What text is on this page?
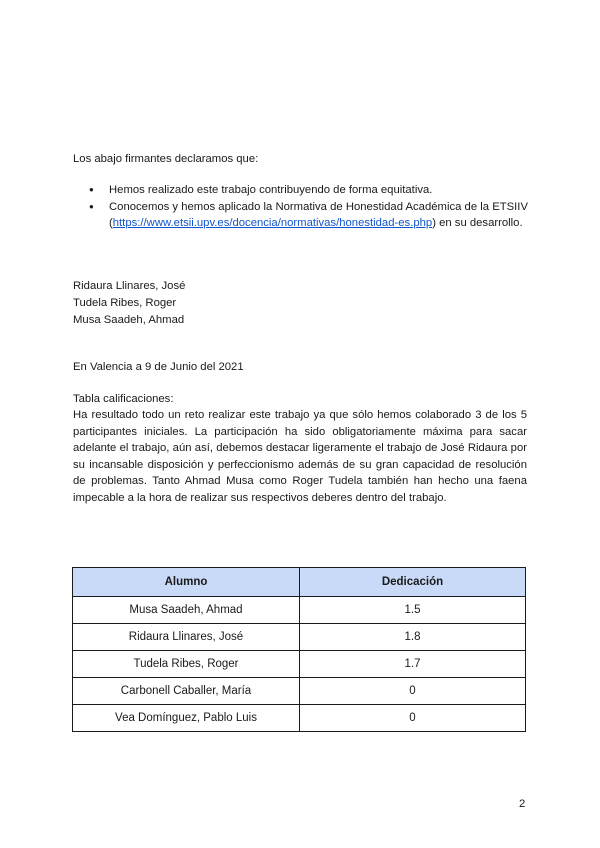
Los abajo firmantes declaramos que:

● Hemos realizado este trabajo contribuyendo de forma equitativa.
● Conocemos y hemos aplicado la Normativa de Honestidad Académica de la ETSIIV (https://www.etsii.upv.es/docencia/normativas/honestidad-es.php) en su desarrollo.
Ridaura Llinares, José
Tudela Ribes, Roger
Musa Saadeh, Ahmad

En Valencia a 9 de Junio del 2021

Tabla calificaciones:

Ha resultado todo un reto realizar este trabajo ya que sólo hemos colaborado 3 de los 5 participantes iniciales. La participación ha sido obligatoriamente máxima para sacar adelante el trabajo, aún así, debemos destacar ligeramente el trabajo de José Ridaura por su incansable disposición y perfeccionismo además de su gran capacidad de resolución de problemas. Tanto Ahmad Musa como Roger Tudela también han hecho una faena impecable a la hora de realizar sus respectivos deberes dentro del trabajo.

Alumno	Dedicación
Musa Saadeh, Ahmad	1.5
Ridaura Llinares, José	1.8
Tudela Ribes, Roger	1.7
Carbonell Caballer, María	0
Vea Domínguez, Pablo Luis	0
2
